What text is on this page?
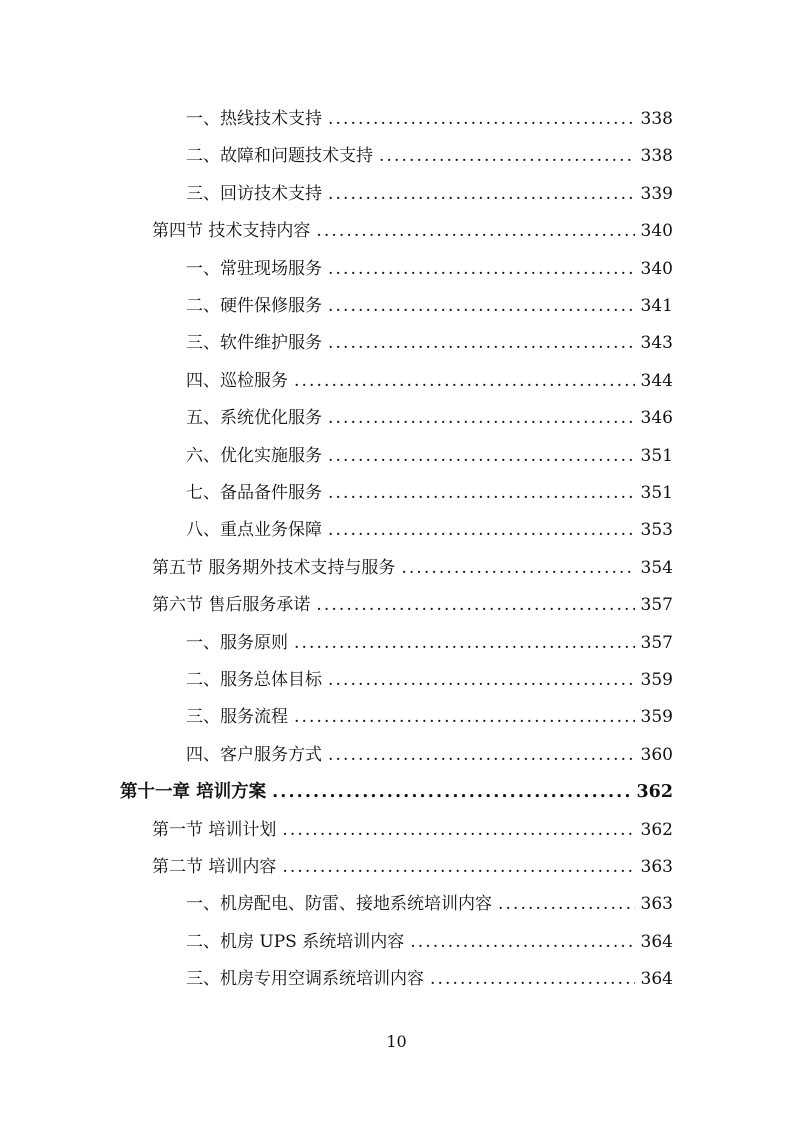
一、热线技术支持 .....	338
二、故障和问题技术支持 .....	338
三、回访技术支持 .....	339
第四节 技术支持内容 .....	340
一、常驻现场服务 .....	340
二、硬件保修服务 .....	341
三、软件维护服务 .....	343
四、巡检服务 .....	344
五、系统优化服务 .....	346
六、优化实施服务 .....	351
七、备品备件服务 .....	351
八、重点业务保障 .....	353
第五节 服务期外技术支持与服务 .....	354
第六节 售后服务承诺 .....	357
一、服务原则 .....	357
二、服务总体目标 .....	359
三、服务流程 .....	359
四、客户服务方式 .....	360
第十一章 培训方案 .....	362
第一节 培训计划 .....	362
第二节 培训内容 .....	363
一、机房配电、防雷、接地系统培训内容 .....	363
二、机房 UPS 系统培训内容 .....	364
三、机房专用空调系统培训内容 .....	364
10
